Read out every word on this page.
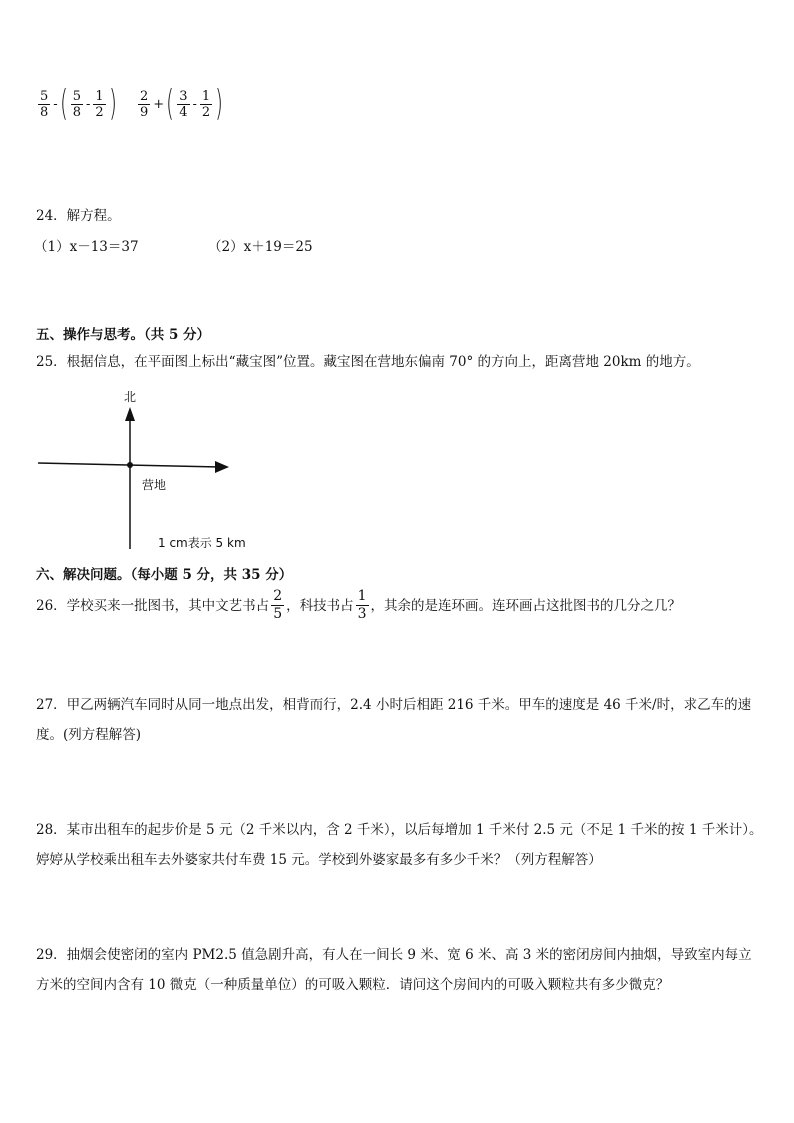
$\frac{5}{8}$ - ( $\frac{5}{8} - \frac{1}{2}$ ) $\frac{2}{9}$ + ( $\frac{3}{4} - \frac{1}{2}$ )
24．解方程。
（1）x－13＝37	（2）x＋19＝25
五、操作与思考。（共 5 分）
25．根据信息，在平面图上标出“藏宝图”位置。藏宝图在营地东偏南 70° 的方向上，距离营地 20km 的地方。
北
营地
1 cm表示 5 km
六、解决问题。（每小题 5 分，共 35 分）
26．学校买来一批图书，其中文艺书占 $\frac{2}{5}$ ，科技书占 $\frac{1}{3}$ ，其余的是连环画。连环画占这批图书的几分之几？
27．甲乙两辆汽车同时从同一地点出发，相背而行，2.4 小时后相距 216 千米。甲车的速度是 46 千米/时，求乙车的速
度。(列方程解答)
28．某市出租车的起步价是 5 元（2 千米以内，含 2 千米），以后每增加 1 千米付 2.5 元（不足 1 千米的按 1 千米计）。
婷婷从学校乘出租车去外婆家共付车费 15 元。学校到外婆家最多有多少千米？（列方程解答）
29．抽烟会使密闭的室内 PM2.5 值急剧升高，有人在一间长 9 米、宽 6 米、高 3 米的密闭房间内抽烟，导致室内每立
方米的空间内含有 10 微克（一种质量单位）的可吸入颗粒．请问这个房间内的可吸入颗粒共有多少微克？
